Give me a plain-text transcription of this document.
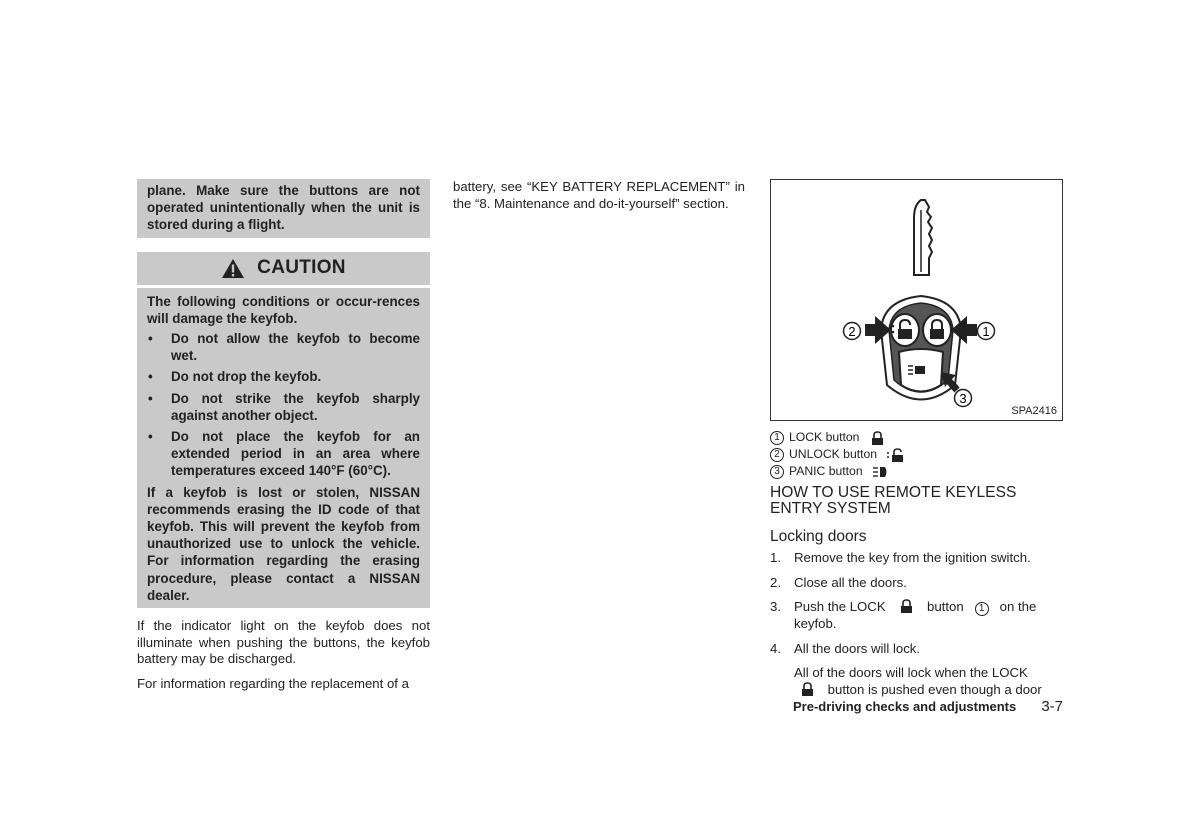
plane. Make sure the buttons are not operated unintentionally when the unit is stored during a flight.
CAUTION

The following conditions or occur-rences will damage the keyfob.

• Do not allow the keyfob to become wet.
• Do not drop the keyfob.
• Do not strike the keyfob sharply against another object.
• Do not place the keyfob for an extended period in an area where temperatures exceed 140°F (60°C).

If a keyfob is lost or stolen, NISSAN recommends erasing the ID code of that keyfob. This will prevent the keyfob from unauthorized use to unlock the vehicle. For information regarding the erasing procedure, please contact a NISSAN dealer.

If the indicator light on the keyfob does not illuminate when pushing the buttons, the keyfob battery may be discharged.

For information regarding the replacement of a

battery, see “KEY BATTERY REPLACEMENT” in the “8. Maintenance and do-it-yourself” section.

2	1
3
SPA2416
1 LOCK button
2 UNLOCK button
3 PANIC button
HOW TO USE REMOTE KEYLESS ENTRY SYSTEM
Locking doors
1. Remove the key from the ignition switch.
2. Close all the doors.
3. Push the LOCK	button 1 on the keyfob.
4. All the doors will lock.
All of the doors will lock when the LOCK
button is pushed even though a door
Pre-driving checks and adjustments 3-7
